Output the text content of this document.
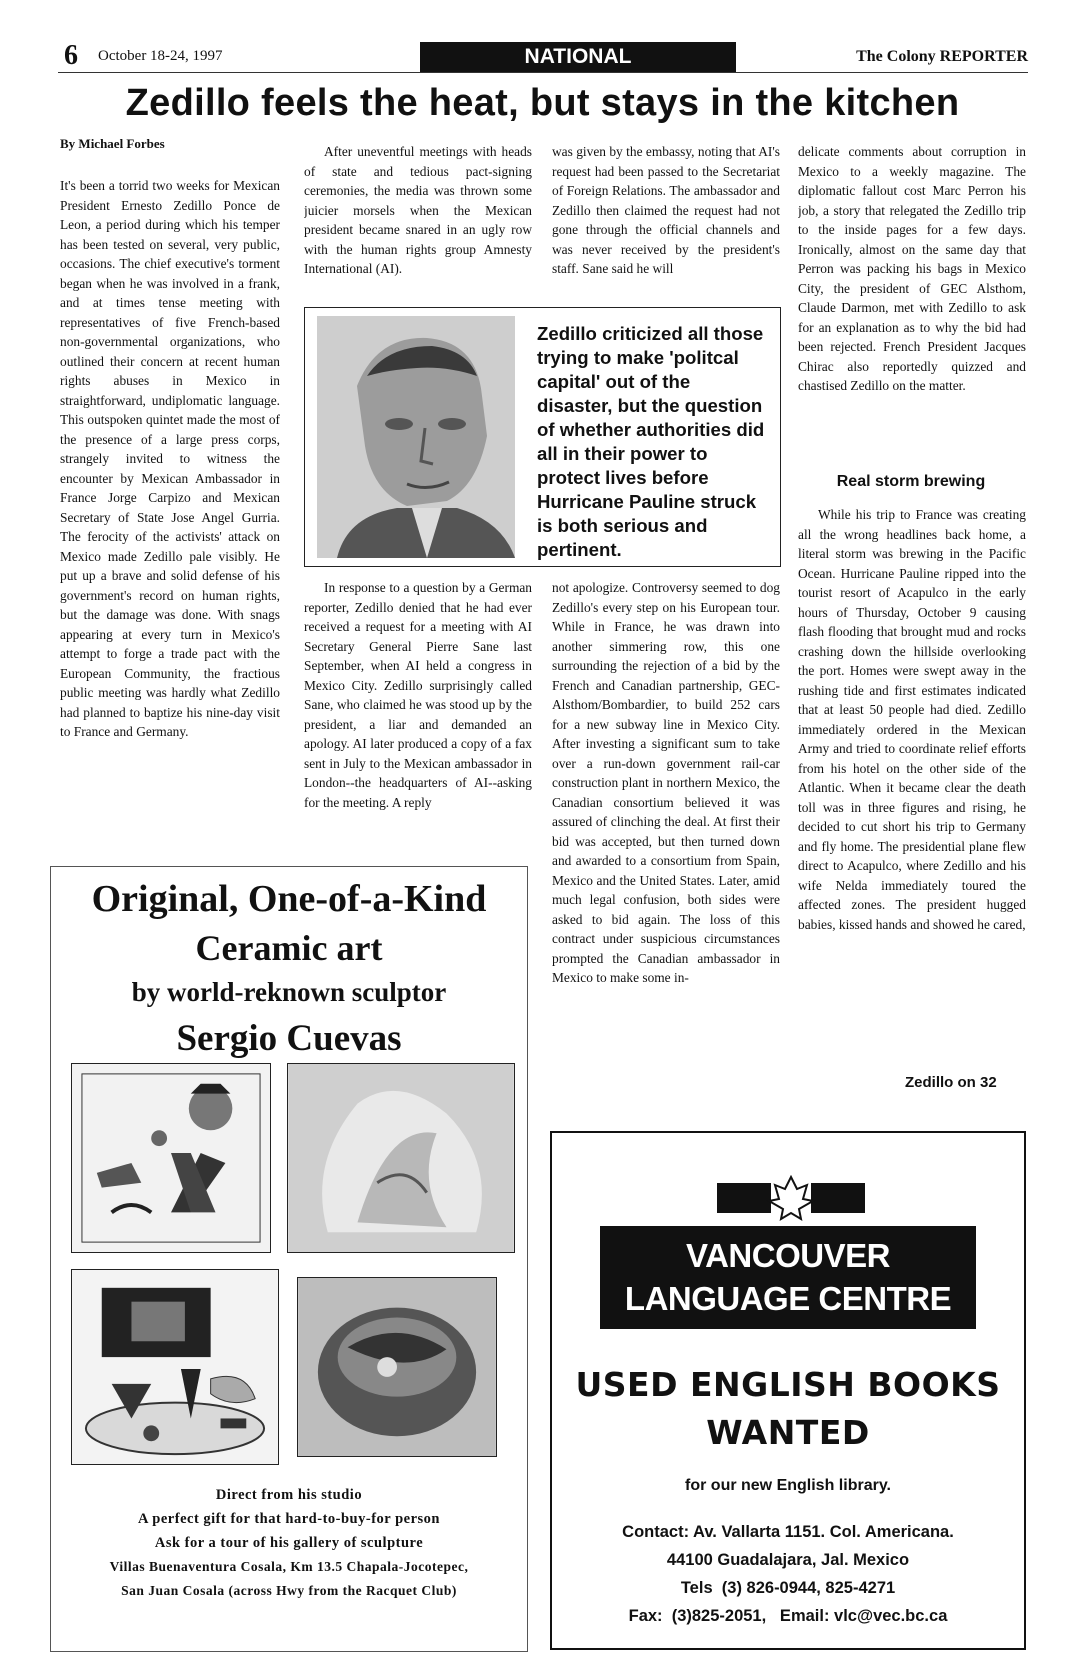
6 October 18-24, 1997	NATIONAL	The Colony REPORTER
Zedillo feels the heat, but stays in the kitchen
By Michael Forbes

It's been a torrid two weeks for Mexican President Ernesto Zedillo Ponce de Leon, a period during which his temper has been tested on several, very public, occasions. The chief executive's torment began when he was involved in a frank, and at times tense meeting with representatives of five French-based non-governmental organizations, who outlined their concern at recent human rights abuses in Mexico in straightforward, undiplomatic language. This outspoken quintet made the most of the presence of a large press corps, strangely invited to witness the encounter by Mexican Ambassador in France Jorge Carpizo and Mexican Secretary of State Jose Angel Gurria. The ferocity of the activists' attack on Mexico made Zedillo pale visibly. He put up a brave and solid defense of his government's record on human rights, but the damage was done. With snags appearing at every turn in Mexico's attempt to forge a trade pact with the European Community, the fractious public meeting was hardly what Zedillo had planned to baptize his nine-day visit to France and Germany.

After uneventful meetings with heads of state and tedious pact-signing ceremonies, the media was thrown some juicier morsels when the Mexican president became snared in an ugly row with the human rights group Amnesty International (AI).

was given by the embassy, noting that AI's request had been passed to the Secretariat of Foreign Relations. The ambassador and Zedillo then claimed the request had not gone through the official channels and was never received by the president's staff. Sane said he will

Zedillo criticized all those trying to make 'politcal capital' out of the disaster, but the question of whether authorities did all in their power to protect lives before Hurricane Pauline struck is both serious and pertinent.

In response to a question by a German reporter, Zedillo denied that he had ever received a request for a meeting with AI Secretary General Pierre Sane last September, when AI held a congress in Mexico City. Zedillo surprisingly called Sane, who claimed he was stood up by the president, a liar and demanded an apology. AI later produced a copy of a fax sent in July to the Mexican ambassador in London--the headquarters of AI--asking for the meeting. A reply

not apologize. Controversy seemed to dog Zedillo's every step on his European tour. While in France, he was drawn into another simmering row, this one surrounding the rejection of a bid by the French and Canadian partnership, GEC-Alsthom/Bombardier, to build 252 cars for a new subway line in Mexico City. After investing a significant sum to take over a run-down government rail-car construction plant in northern Mexico, the Canadian consortium believed it was assured of clinching the deal. At first their bid was accepted, but then turned down and awarded to a consortium from Spain, Mexico and the United States. Later, amid much legal confusion, both sides were asked to bid again. The loss of this contract under suspicious circumstances prompted the Canadian ambassador in Mexico to make some in-

delicate comments about corruption in Mexico to a weekly magazine. The diplomatic fallout cost Marc Perron his job, a story that relegated the Zedillo trip to the inside pages for a few days. Ironically, almost on the same day that Perron was packing his bags in Mexico City, the president of GEC Alsthom, Claude Darmon, met with Zedillo to ask for an explanation as to why the bid had been rejected. French President Jacques Chirac also reportedly quizzed and chastised Zedillo on the matter.

Real storm brewing

While his trip to France was creating all the wrong headlines back home, a literal storm was brewing in the Pacific Ocean. Hurricane Pauline ripped into the tourist resort of Acapulco in the early hours of Thursday, October 9 causing flash flooding that brought mud and rocks crashing down the hillside overlooking the port. Homes were swept away in the rushing tide and first estimates indicated that at least 50 people had died. Zedillo immediately ordered in the Mexican Army and tried to coordinate relief efforts from his hotel on the other side of the Atlantic. When it became clear the death toll was in three figures and rising, he decided to cut short his trip to Germany and fly home. The presidential plane flew direct to Acapulco, where Zedillo and his wife Nelda immediately toured the affected zones. The president hugged babies, kissed hands and showed he cared,

Zedillo on 32
Original, One-of-a-Kind
Ceramic art
by world-reknown sculptor
Sergio Cuevas
Direct from his studio
A perfect gift for that hard-to-buy-for person
Ask for a tour of his gallery of sculpture
Villas Buenaventura Cosala, Km 13.5 Chapala-Jocotepec,
San Juan Cosala (across Hwy from the Racquet Club)
VANCOUVER
LANGUAGE CENTRE
USED ENGLISH BOOKS
WANTED
for our new English library.
Contact: Av. Vallarta 1151. Col. Americana.
44100 Guadalajara, Jal. Mexico
Tels  (3) 826-0944, 825-4271
Fax:  (3)825-2051,   Email: vlc@vec.bc.ca
